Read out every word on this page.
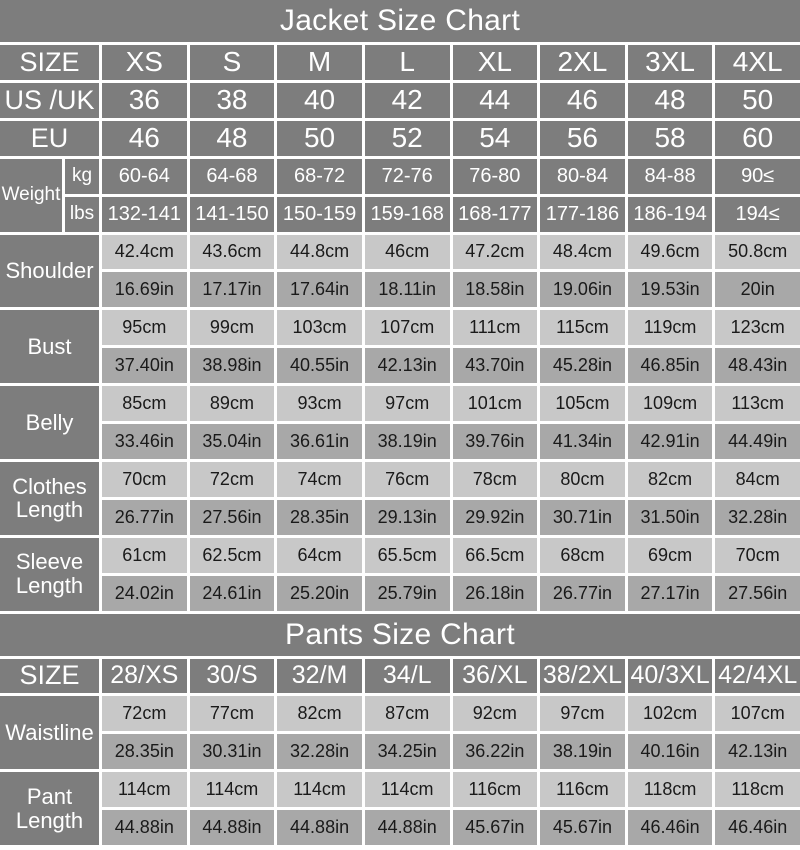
Jacket Size Chart
SIZE	XS	S	M	L	XL	2XL	3XL	4XL
US /UK	36	38	40	42	44	46	48	50
EU	46	48	50	52	54	56	58	60
Weight
kg	60-64	64-68	68-72	72-76	76-80	80-84	84-88	90≤
lbs 132-141 141-150 150-159 159-168 168-177 177-186 186-194	194≤
Shoulder
42.4cm	43.6cm	44.8cm	46cm	47.2cm	48.4cm	49.6cm	50.8cm
16.69in	17.17in	17.64in	18.11in	18.58in	19.06in	19.53in	20in
Bust
95cm	99cm	103cm	107cm	111cm	115cm	119cm	123cm
37.40in	38.98in	40.55in	42.13in	43.70in	45.28in	46.85in	48.43in
Belly
85cm	89cm	93cm	97cm	101cm	105cm	109cm	113cm
33.46in	35.04in	36.61in	38.19in	39.76in	41.34in	42.91in	44.49in
Clothes Length
70cm	72cm	74cm	76cm	78cm	80cm	82cm	84cm
26.77in	27.56in	28.35in	29.13in	29.92in	30.71in	31.50in	32.28in
Sleeve Length
61cm	62.5cm	64cm	65.5cm	66.5cm	68cm	69cm	70cm
24.02in	24.61in	25.20in	25.79in	26.18in	26.77in	27.17in	27.56in
Pants Size Chart
SIZE	28/XS	30/S	32/M	34/L	36/XL 38/2XL 40/3XL 42/4XL
Waistline
72cm	77cm	82cm	87cm	92cm	97cm	102cm	107cm
28.35in	30.31in	32.28in	34.25in	36.22in	38.19in	40.16in	42.13in
Pant Length
114cm	114cm	114cm	114cm	116cm	116cm	118cm	118cm
44.88in	44.88in	44.88in	44.88in	45.67in	45.67in	46.46in	46.46in
